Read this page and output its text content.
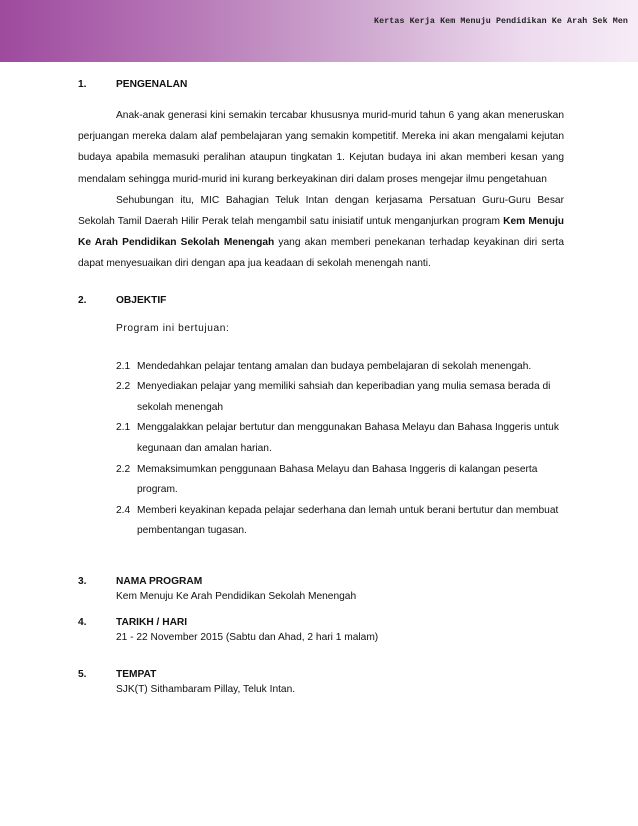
Kertas Kerja Kem Menuju Pendidikan Ke Arah Sek Men
1.	PENGENALAN

Anak-anak generasi kini semakin tercabar khususnya murid-murid tahun 6 yang akan meneruskan perjuangan mereka dalam alaf pembelajaran yang semakin kompetitif. Mereka ini akan mengalami kejutan budaya apabila memasuki peralihan ataupun tingkatan 1. Kejutan budaya ini akan memberi kesan yang mendalam sehingga murid-murid ini kurang berkeyakinan diri dalam proses mengejar ilmu pengetahuan

Sehubungan itu, MIC Bahagian Teluk Intan dengan kerjasama Persatuan Guru-Guru Besar Sekolah Tamil Daerah Hilir Perak telah mengambil satu inisiatif untuk menganjurkan program Kem Menuju Ke Arah Pendidikan Sekolah Menengah yang akan memberi penekanan terhadap keyakinan diri serta dapat menyesuaikan diri dengan apa jua keadaan di sekolah menengah nanti.

2.	OBJEKTIF
Program ini bertujuan:
2.1 Mendedahkan pelajar tentang amalan dan budaya pembelajaran di sekolah menengah.
2.2 Menyediakan pelajar yang memiliki sahsiah dan keperibadian yang mulia semasa berada di sekolah menengah
2.1 Menggalakkan pelajar bertutur dan menggunakan Bahasa Melayu dan Bahasa Inggeris untuk kegunaan dan amalan harian.
2.2 Memaksimumkan penggunaan Bahasa Melayu dan Bahasa Inggeris di kalangan peserta program.
2.4 Memberi keyakinan kepada pelajar sederhana dan lemah untuk berani bertutur dan membuat pembentangan tugasan.
3.	NAMA PROGRAM
Kem Menuju Ke Arah Pendidikan Sekolah Menengah
4.	TARIKH / HARI
21 - 22 November 2015 (Sabtu dan Ahad, 2 hari 1 malam)
5.	TEMPAT
SJK(T) Sithambaram Pillay, Teluk Intan.
